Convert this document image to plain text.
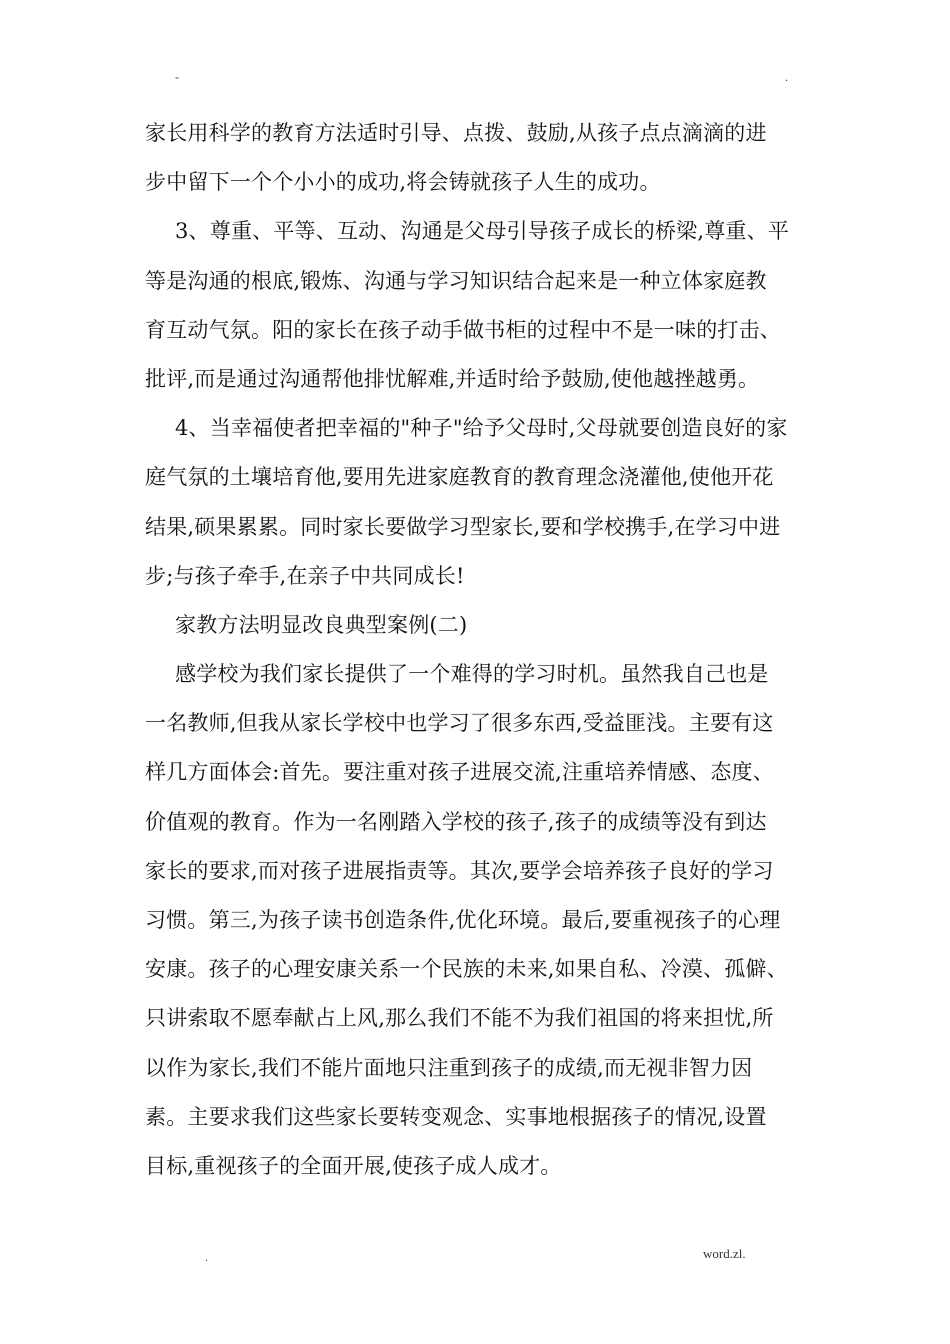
-	.
家长用科学的教育方法适时引导、点拨、鼓励,从孩子点点滴滴的进
步中留下一个个小小的成功,将会铸就孩子人生的成功。
3、尊重、平等、互动、沟通是父母引导孩子成长的桥梁,尊重、平
等是沟通的根底,锻炼、沟通与学习知识结合起来是一种立体家庭教
育互动气氛。阳的家长在孩子动手做书柜的过程中不是一味的打击、
批评,而是通过沟通帮他排忧解难,并适时给予鼓励,使他越挫越勇。
4、当幸福使者把幸福的"种子"给予父母时,父母就要创造良好的家
庭气氛的土壤培育他,要用先进家庭教育的教育理念浇灌他,使他开花
结果,硕果累累。同时家长要做学习型家长,要和学校携手,在学习中进
步;与孩子牵手,在亲子中共同成长!
家教方法明显改良典型案例(二)
感学校为我们家长提供了一个难得的学习时机。虽然我自己也是
一名教师,但我从家长学校中也学习了很多东西,受益匪浅。主要有这
样几方面体会:首先。要注重对孩子进展交流,注重培养情感、态度、
价值观的教育。作为一名刚踏入学校的孩子,孩子的成绩等没有到达
家长的要求,而对孩子进展指责等。其次,要学会培养孩子良好的学习
习惯。第三,为孩子读书创造条件,优化环境。最后,要重视孩子的心理
安康。孩子的心理安康关系一个民族的未来,如果自私、冷漠、孤僻、
只讲索取不愿奉献占上风,那么我们不能不为我们祖国的将来担忧,所
以作为家长,我们不能片面地只注重到孩子的成绩,而无视非智力因
素。主要求我们这些家长要转变观念、实事地根据孩子的情况,设置
目标,重视孩子的全面开展,使孩子成人成才。
.	word.zl.
